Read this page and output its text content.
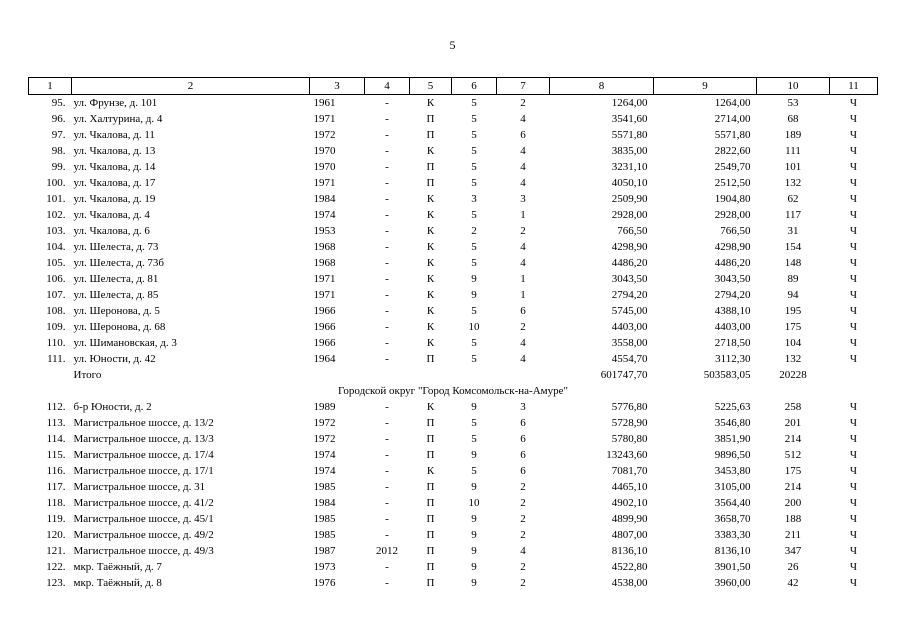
5
1	2	3	4	5	6	7	8	9	10	11
95.	ул. Фрунзе, д. 101	1961	-	К	5	2	1264,00	1264,00	53	Ч
96.	ул. Халтурина, д. 4	1971	-	П	5	4	3541,60	2714,00	68	Ч
97.	ул. Чкалова, д. 11	1972	-	П	5	6	5571,80	5571,80	189	Ч
98.	ул. Чкалова, д. 13	1970	-	К	5	4	3835,00	2822,60	111	Ч
99.	ул. Чкалова, д. 14	1970	-	П	5	4	3231,10	2549,70	101	Ч
100.	ул. Чкалова, д. 17	1971	-	П	5	4	4050,10	2512,50	132	Ч
101.	ул. Чкалова, д. 19	1984	-	К	3	3	2509,90	1904,80	62	Ч
102.	ул. Чкалова, д. 4	1974	-	К	5	1	2928,00	2928,00	117	Ч
103.	ул. Чкалова, д. 6	1953	-	К	2	2	766,50	766,50	31	Ч
104.	ул. Шелеста, д. 73	1968	-	К	5	4	4298,90	4298,90	154	Ч
105.	ул. Шелеста, д. 73б	1968	-	К	5	4	4486,20	4486,20	148	Ч
106.	ул. Шелеста, д. 81	1971	-	К	9	1	3043,50	3043,50	89	Ч
107.	ул. Шелеста, д. 85	1971	-	К	9	1	2794,20	2794,20	94	Ч
108.	ул. Шеронова, д. 5	1966	-	К	5	6	5745,00	4388,10	195	Ч
109.	ул. Шеронова, д. 68	1966	-	К	10	2	4403,00	4403,00	175	Ч
110.	ул. Шимановская, д. 3	1966	-	К	5	4	3558,00	2718,50	104	Ч
111.	ул. Юности, д. 42	1964	-	П	5	4	4554,70	3112,30	132	Ч
	Итого						601747,70	503583,05	20228	
Городской округ "Город Комсомольск-на-Амуре"										
112.	б-р Юности, д. 2	1989	-	К	9	3	5776,80	5225,63	258	Ч
113.	Магистральное шоссе, д. 13/2	1972	-	П	5	6	5728,90	3546,80	201	Ч
114.	Магистральное шоссе, д. 13/3	1972	-	П	5	6	5780,80	3851,90	214	Ч
115.	Магистральное шоссе, д. 17/4	1974	-	П	9	6	13243,60	9896,50	512	Ч
116.	Магистральное шоссе, д. 17/1	1974	-	К	5	6	7081,70	3453,80	175	Ч
117.	Магистральное шоссе, д. 31	1985	-	П	9	2	4465,10	3105,00	214	Ч
118.	Магистральное шоссе, д. 41/2	1984	-	П	10	2	4902,10	3564,40	200	Ч
119.	Магистральное шоссе, д. 45/1	1985	-	П	9	2	4899,90	3658,70	188	Ч
120.	Магистральное шоссе, д. 49/2	1985	-	П	9	2	4807,00	3383,30	211	Ч
121.	Магистральное шоссе, д. 49/3	1987	2012	П	9	4	8136,10	8136,10	347	Ч
122.	мкр. Таёжный, д. 7	1973	-	П	9	2	4522,80	3901,50	26	Ч
123.	мкр. Таёжный, д. 8	1976	-	П	9	2	4538,00	3960,00	42	Ч
